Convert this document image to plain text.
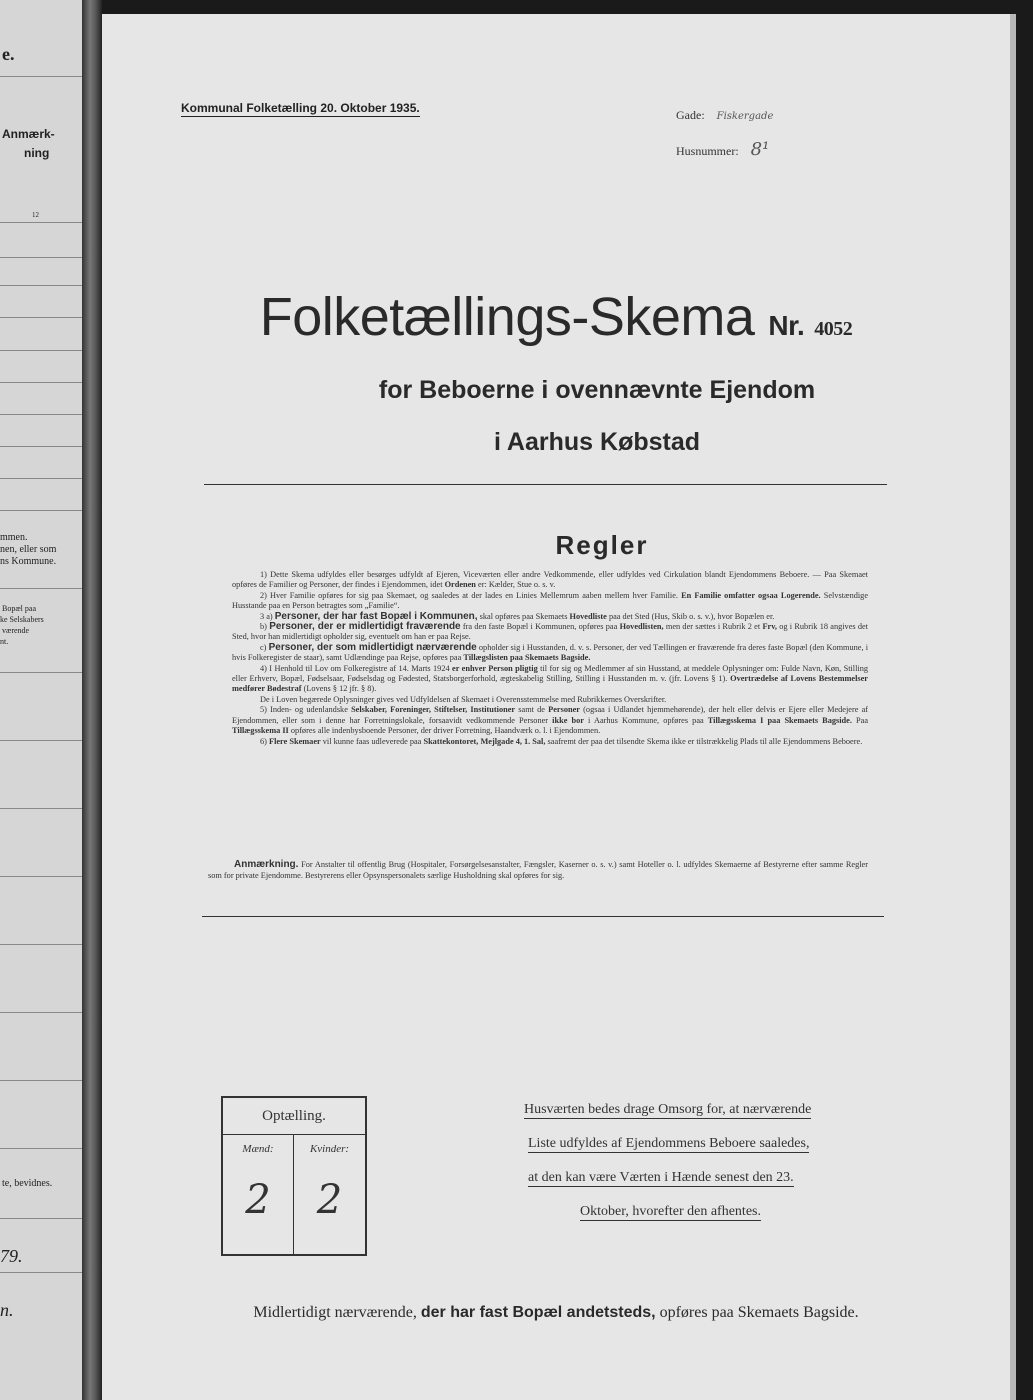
e.
Anmærk-
ning
12
mmen.
nen, eller som
ns Kommune.
Bopæl paa
ke Selskabers
værende
nt.
te, bevidnes.
79.
n.
Kommunal Folketælling 20. Oktober 1935.	Gade: Fiskergade
Husnummer: 8¹
Folketællings-Skema Nr. 4052
for Beboerne i ovennævnte Ejendom
i Aarhus Købstad
Regler

1) Dette Skema udfyldes eller besørges udfyldt af Ejeren, Viceværten eller andre Vedkommende, eller udfyldes ved Cirkulation blandt Ejendommens Beboere. — Paa Skemaet opføres de Familier og Personer, der findes i Ejendommen, idet Ordenen er: Kælder, Stue o. s. v.

2) Hver Familie opføres for sig paa Skemaet, og saaledes at der lades en Linies Mellemrum aaben mellem hver Familie. En Familie omfatter ogsaa Logerende. Selvstændige Husstande paa en Person betragtes som „Familie“.

3 a) Personer, der har fast Bopæl i Kommunen, skal opføres paa Skemaets Hovedliste paa det Sted (Hus, Skib o. s. v.), hvor Bopælen er.

b) Personer, der er midlertidigt fraværende fra den faste Bopæl i Kommunen, opføres paa Hovedlisten, men der sættes i Rubrik 2 et Frv, og i Rubrik 18 angives det Sted, hvor han midlertidigt opholder sig, eventuelt om han er paa Rejse.

c) Personer, der som midlertidigt nærværende opholder sig i Husstanden, d. v. s. Personer, der ved Tællingen er fraværende fra deres faste Bopæl (den Kommune, i hvis Folkeregister de staar), samt Udlændinge paa Rejse, opføres paa Tillægslisten paa Skemaets Bagside.

4) I Henhold til Lov om Folkeregistre af 14. Marts 1924 er enhver Person pligtig til for sig og Medlemmer af sin Husstand, at meddele Oplysninger om: Fulde Navn, Køn, Stilling eller Erhverv, Bopæl, Fødselsaar, Fødselsdag og Fødested, Statsborgerforhold, ægteskabelig Stilling, Stilling i Husstanden m. v. (jfr. Lovens § 1). Overtrædelse af Lovens Bestemmelser medfører Bødestraf (Lovens § 12 jfr. § 8).

De i Loven begærede Oplysninger gives ved Udfyldelsen af Skemaet i Overensstemmelse med Rubrikkernes Overskrifter.

5) Inden- og udenlandske Selskaber, Foreninger, Stiftelser, Institutioner samt de Personer (ogsaa i Udlandet hjemmehørende), der helt eller delvis er Ejere eller Medejere af Ejendommen, eller som i denne har Forretningslokale, forsaavidt vedkommende Personer ikke bor i Aarhus Kommune, opføres paa Tillægsskema I paa Skemaets Bagside. Paa Tillægsskema II opføres alle indenbysboende Personer, der driver Forretning, Haandværk o. l. i Ejendommen.

6) Flere Skemaer vil kunne faas udleverede paa Skattekontoret, Mejlgade 4, 1. Sal, saafremt der paa det tilsendte Skema ikke er tilstrækkelig Plads til alle Ejendommens Beboere.

Anmærkning. For Anstalter til offentlig Brug (Hospitaler, Forsørgelsesanstalter, Fængsler, Kaserner o. s. v.) samt Hoteller o. l. udfyldes Skemaerne af Bestyrerne efter samme Regler som for private Ejendomme. Bestyrerens eller Opsynspersonalets særlige Husholdning skal opføres for sig.
Optælling.
Mænd:
2
Kvinder:
2
Husværten bedes drage Omsorg for, at nærværende
Liste udfyldes af Ejendommens Beboere saaledes,
at den kan være Værten i Hænde senest den 23.
Oktober, hvorefter den afhentes.
Midlertidigt nærværende, der har fast Bopæl andetsteds, opføres paa Skemaets Bagside.
